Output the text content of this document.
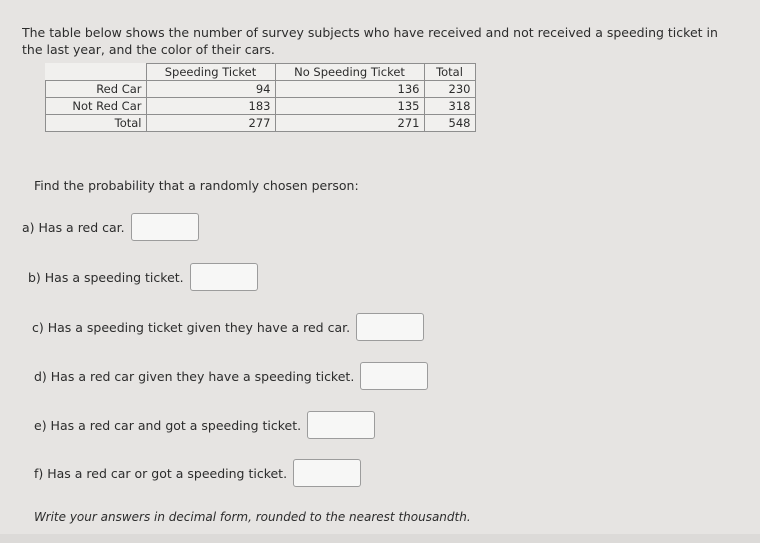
The table below shows the number of survey subjects who have received and not received a speeding ticket in
the last year, and the color of their cars.
	Speeding Ticket	No Speeding Ticket	Total
Red Car	94	136	230
Not Red Car	183	135	318
Total	277	271	548
Find the probability that a randomly chosen person:
a) Has a red car.
b) Has a speeding ticket.
c) Has a speeding ticket given they have a red car.
d) Has a red car given they have a speeding ticket.
e) Has a red car and got a speeding ticket.
f) Has a red car or got a speeding ticket.
Write your answers in decimal form, rounded to the nearest thousandth.
